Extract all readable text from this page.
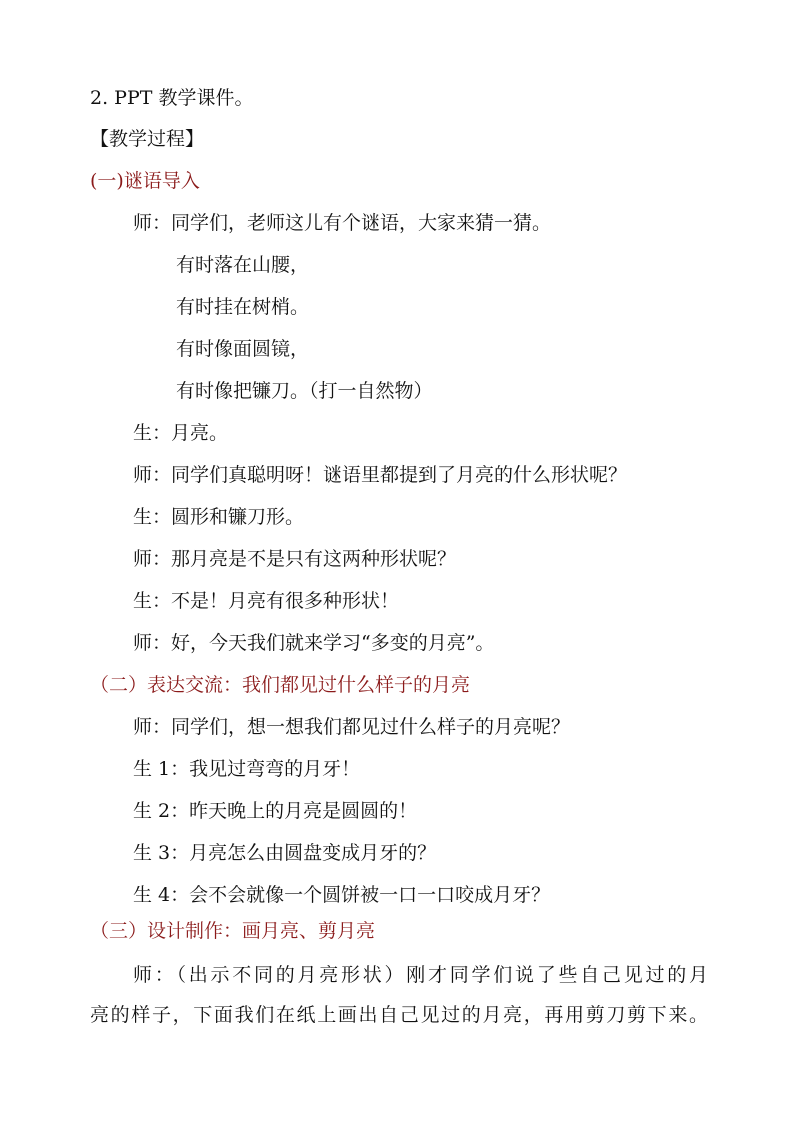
2. PPT 教学课件。
【教学过程】
(一)谜语导入
师：同学们，老师这儿有个谜语，大家来猜一猜。
有时落在山腰，
有时挂在树梢。
有时像面圆镜，
有时像把镰刀。（打一自然物）
生：月亮。
师：同学们真聪明呀！谜语里都提到了月亮的什么形状呢？
生：圆形和镰刀形。
师：那月亮是不是只有这两种形状呢？
生：不是！月亮有很多种形状！
师：好，今天我们就来学习“多变的月亮”。
（二）表达交流：我们都见过什么样子的月亮
师：同学们，想一想我们都见过什么样子的月亮呢？
生 1：我见过弯弯的月牙！
生 2：昨天晚上的月亮是圆圆的！
生 3：月亮怎么由圆盘变成月牙的？
生 4：会不会就像一个圆饼被一口一口咬成月牙？
（三）设计制作：画月亮、剪月亮
师：（出示不同的月亮形状）刚才同学们说了些自己见过的月
亮的样子，下面我们在纸上画出自己见过的月亮，再用剪刀剪下来。
